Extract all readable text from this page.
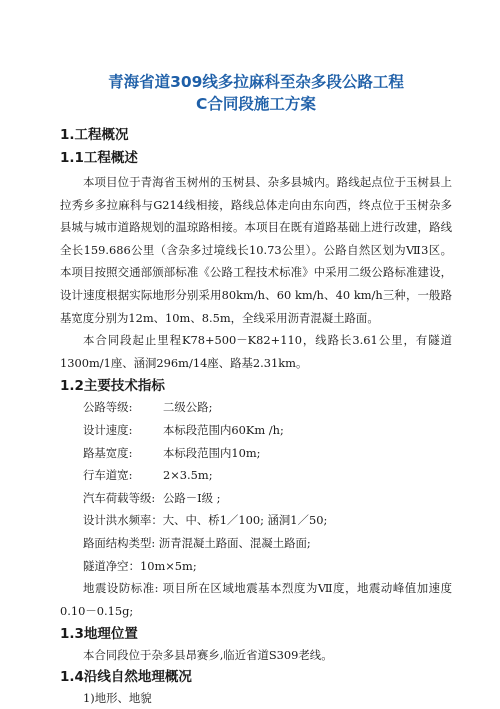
青海省道309线多拉麻科至杂多段公路工程
C合同段施工方案
1.工程概况
1.1工程概述

本项目位于青海省玉树州的玉树县、杂多县城内。路线起点位于玉树县上拉秀乡多拉麻科与G214线相接，路线总体走向由东向西，终点位于玉树杂多县城与城市道路规划的温琼路相接。本项目在既有道路基础上进行改建，路线全长159.686公里（含杂多过境线长10.73公里）。公路自然区划为Ⅶ3区。本项目按照交通部颁部标准《公路工程技术标准》中采用二级公路标准建设，设计速度根据实际地形分别采用80km/h、60 km/h、40 km/h三种，一般路基宽度分别为12m、10m、8.5m，全线采用沥青混凝土路面。

本合同段起止里程K78+500－K82+110，线路长3.61公里，有隧道1300m/1座、涵洞296m/14座、路基2.31km。

1.2主要技术指标

公路等级:	二级公路;

设计速度:	本标段范围内60Km /h;

路基宽度:	本标段范围内10m;

行车道宽:	2×3.5m;

汽车荷载等级: 公路－Ⅰ级 ;

设计洪水频率：大、中、桥1／100; 涵洞1／50;

路面结构类型: 沥青混凝土路面、混凝土路面;

隧道净空：10m×5m;

地震设防标准: 项目所在区域地震基本烈度为Ⅶ度，地震动峰值加速度0.10－0.15g;

1.3地理位置

本合同段位于杂多县昂赛乡,临近省道S309老线。

1.4沿线自然地理概况

1)地形、地貌
